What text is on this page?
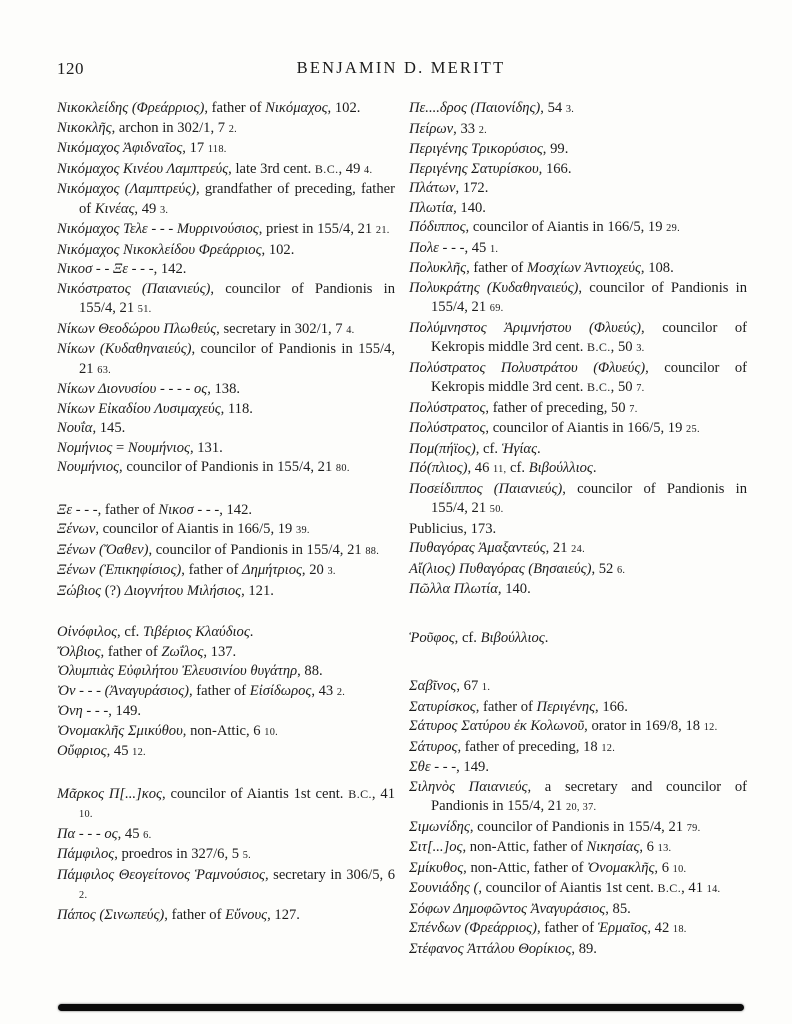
120	BENJAMIN D. MERITT
Νικοκλείδης (Φρεάρριος), father of Νικόμαχος, 102.
Νικοκλῆς, archon in 302/1, 7 2.
Νικόμαχος Ἀφιδναῖος, 17 118.
Νικόμαχος Κινέου Λαμπτρεύς, late 3rd cent. B.C., 49 4.
Νικόμαχος (Λαμπτρεύς), grandfather of preceding, father of Κινέας, 49 3.
Νικόμαχος Τελε - - - Μυρρινούσιος, priest in 155/4, 21 21.
Νικόμαχος Νικοκλείδου Φρεάρριος, 102.
Νικοσ - - Ξε - - -, 142.
Νικόστρατος (Παιανιεύς), councilor of Pandionis in 155/4, 21 51.
Νίκων Θεοδώρου Πλωθεύς, secretary in 302/1, 7 4.
Νίκων (Κυδαθηναιεύς), councilor of Pandionis in 155/4, 21 63.
Νίκων Διονυσίου - - - - ος, 138.
Νίκων Εἰκαδίου Λυσιμαχεύς, 118.
Νουΐα, 145.
Νομήνιος = Νουμήνιος, 131.
Νουμήνιος, councilor of Pandionis in 155/4, 21 80.
Ξε - - -, father of Νικοσ - - -, 142.
Ξένων, councilor of Aiantis in 166/5, 19 39.
Ξένων (Ὄαθεν), councilor of Pandionis in 155/4, 21 88.
Ξένων (Ἐπικηφίσιος), father of Δημήτριος, 20 3.
Ξώβιος (?) Διογνήτου Μιλήσιος, 121.
Οἰνόφιλος, cf. Τιβέριος Κλαύδιος.
Ὄλβιος, father of Ζωΐλος, 137.
Ὀλυμπιὰς Εὐφιλήτου Ἐλευσινίου θυγάτηρ, 88.
Ὀν - - - (Ἀναγυράσιος), father of Εἰσίδωρος, 43 2.
Ὀνη - - -, 149.
Ὀνομακλῆς Σμικύθου, non-Attic, 6 10.
Οὔφριος, 45 12.
Μᾶρκος Π[...]κος, councilor of Aiantis 1st cent. B.C., 41 10.
Πα - - - ος, 45 6.
Πάμφιλος, proedros in 327/6, 5 5.
Πάμφιλος Θεογείτονος Ῥαμνούσιος, secretary in 306/5, 6 2.
Πάπος (Σινωπεύς), father of Εὔνους, 127.
Πε....δρος (Παιονίδης), 54 3.
Πείρων, 33 2.
Περιγένης Τρικορύσιος, 99.
Περιγένης Σατυρίσκου, 166.
Πλάτων, 172.
Πλωτία, 140.
Πόδιππος, councilor of Aiantis in 166/5, 19 29.
Πολε - - -, 45 1.
Πολυκλῆς, father of Μοσχίων Ἀντιοχεύς, 108.
Πολυκράτης (Κυδαθηναιεύς), councilor of Pandionis in 155/4, 21 69.
Πολύμνηστος Ἀριμνήστου (Φλυεύς), councilor of Kekropis middle 3rd cent. B.C., 50 3.
Πολύστρατος Πολυστράτου (Φλυεύς), councilor of Kekropis middle 3rd cent. B.C., 50 7.
Πολύστρατος, father of preceding, 50 7.
Πολύστρατος, councilor of Aiantis in 166/5, 19 25.
Πομ(πήϊος), cf. Ἡγίας.
Πό(πλιος), 46 11, cf. Βιβούλλιος.
Ποσείδιππος (Παιανιεύς), councilor of Pandionis in 155/4, 21 50.
Publicius, 173.
Πυθαγόρας Ἁμαξαντεύς, 21 24.
Αἴ(λιος) Πυθαγόρας (Βησαιεύς), 52 6.
Πῶλλα Πλωτία, 140.
Ῥοῦφος, cf. Βιβούλλιος.
Σαβῖνος, 67 1.
Σατυρίσκος, father of Περιγένης, 166.
Σάτυρος Σατύρου ἐκ Κολωνοῦ, orator in 169/8, 18 12.
Σάτυρος, father of preceding, 18 12.
Σθε - - -, 149.
Σιληνὸς Παιανιεύς, a secretary and councilor of Pandionis in 155/4, 21 20, 37.
Σιμωνίδης, councilor of Pandionis in 155/4, 21 79.
Σιτ[...]ος, non-Attic, father of Νικησίας, 6 13.
Σμίκυθος, non-Attic, father of Ὀνομακλῆς, 6 10.
Σουνιάδης (, councilor of Aiantis 1st cent. B.C., 41 14.
Σόφων Δημοφῶντος Ἀναγυράσιος, 85.
Σπένδων (Φρεάρριος), father of Ἑρμαῖος, 42 18.
Στέφανος Ἀττάλου Θορίκιος, 89.
